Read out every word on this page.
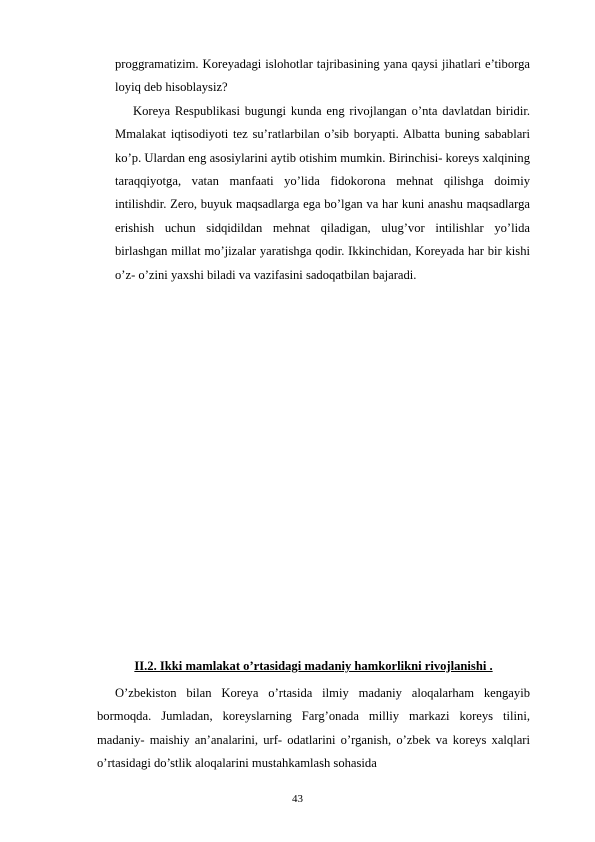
proggramatizim. Koreyadagi islohotlar tajribasining yana qaysi jihatlari e’tiborga loyiq deb hisoblaysiz?

Koreya Respublikasi bugungi kunda eng rivojlangan o’nta davlatdan biridir. Mmalakat iqtisodiyoti tez su’ratlarbilan o’sib boryapti. Albatta buning sabablari ko’p. Ulardan eng asosiylarini aytib otishim mumkin. Birinchisi- koreys xalqining taraqqiyotga, vatan manfaati yo’lida fidokorona mehnat qilishga doimiy intilishdir. Zero, buyuk maqsadlarga ega bo’lgan va har kuni anashu maqsadlarga erishish uchun sidqidildan mehnat qiladigan, ulug’vor intilishlar yo’lida birlashgan millat mo’jizalar yaratishga qodir. Ikkinchidan, Koreyada har bir kishi o’z- o’zini yaxshi biladi va vazifasini sadoqatbilan bajaradi.

II.2. Ikki mamlakat o’rtasidagi madaniy hamkorlikni rivojlanishi .

O’zbekiston bilan Koreya o’rtasida ilmiy madaniy aloqalarham kengayib bormoqda. Jumladan, koreyslarning Farg’onada milliy markazi koreys tilini, madaniy- maishiy an’analarini, urf- odatlarini o’rganish, o’zbek va koreys xalqlari o’rtasidagi do’stlik aloqalarini mustahkamlash sohasida

43
